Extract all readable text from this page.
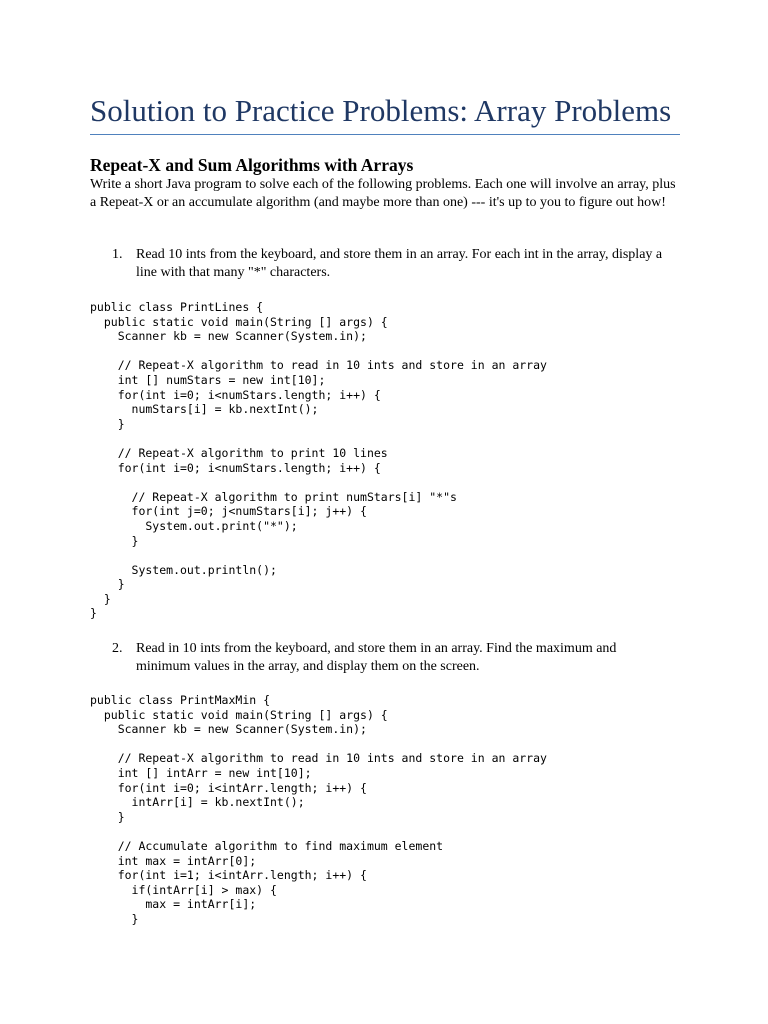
Solution to Practice Problems: Array Problems
Repeat-X and Sum Algorithms with Arrays

Write a short Java program to solve each of the following problems. Each one will involve an array, plus a Repeat-X or an accumulate algorithm (and maybe more than one) --- it's up to you to figure out how!

1. Read 10 ints from the keyboard, and store them in an array. For each int in the array, display a line with that many "*" characters.
public class PrintLines {
public static void main(String [] args) {
Scanner kb = new Scanner(System.in);
// Repeat-X algorithm to read in 10 ints and store in an array
int [] numStars = new int[10];
for(int i=0; i<numStars.length; i++) {
numStars[i] = kb.nextInt();
}
// Repeat-X algorithm to print 10 lines
for(int i=0; i<numStars.length; i++) {
// Repeat-X algorithm to print numStars[i] "*"s
for(int j=0; j<numStars[i]; j++) {
System.out.print("*");
}
System.out.println();
}
}
}
2. Read in 10 ints from the keyboard, and store them in an array. Find the maximum and minimum values in the array, and display them on the screen.
public class PrintMaxMin {
public static void main(String [] args) {
Scanner kb = new Scanner(System.in);
// Repeat-X algorithm to read in 10 ints and store in an array
int [] intArr = new int[10];
for(int i=0; i<intArr.length; i++) {
intArr[i] = kb.nextInt();
}
// Accumulate algorithm to find maximum element
int max = intArr[0];
for(int i=1; i<intArr.length; i++) {
if(intArr[i] > max) {
max = intArr[i];
}
